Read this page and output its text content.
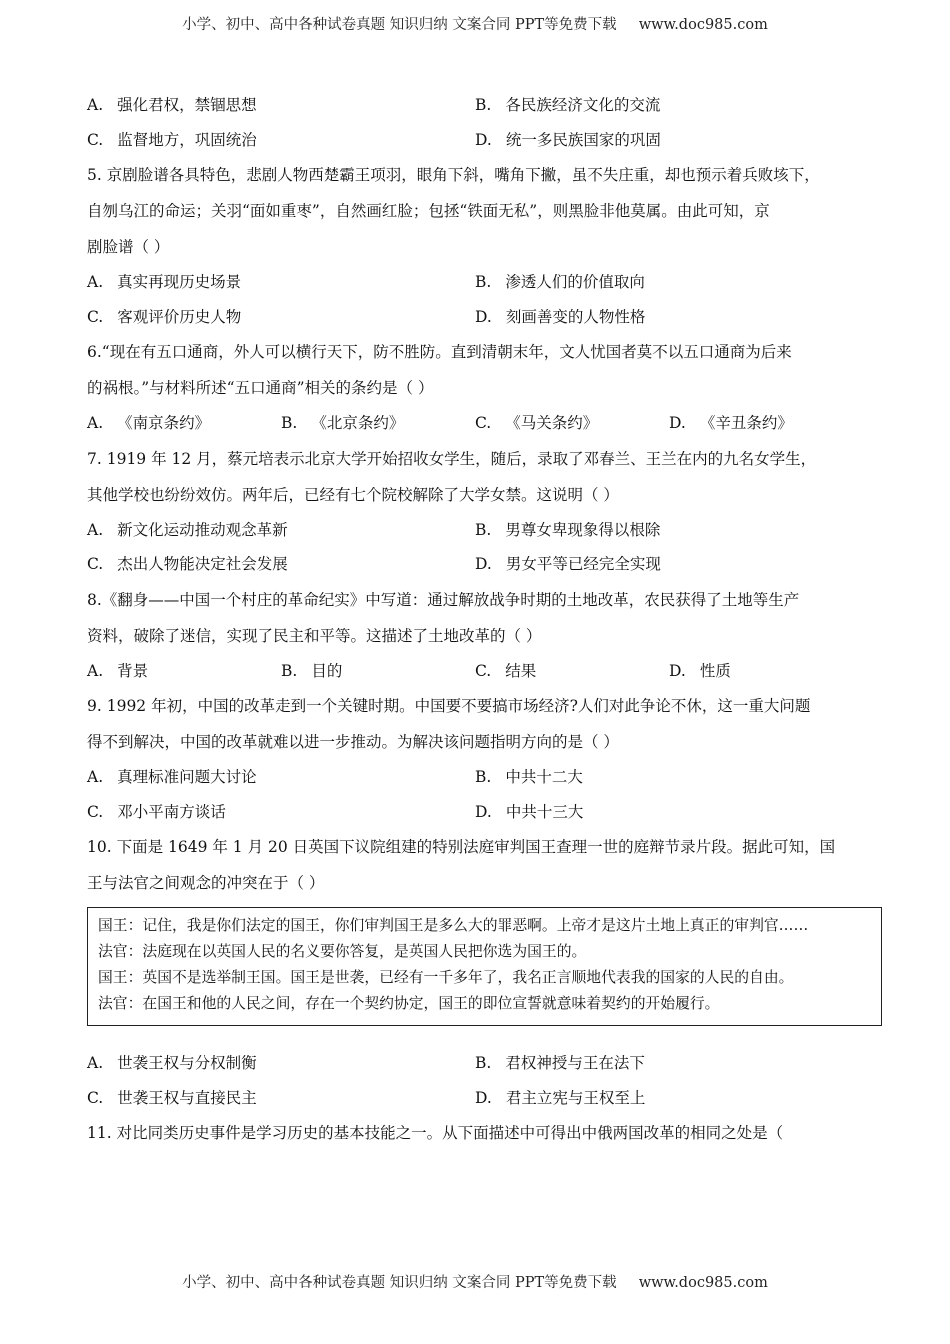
小学、初中、高中各种试卷真题 知识归纳 文案合同 PPT等免费下载 www.doc985.com
A. 强化君权，禁锢思想	B. 各民族经济文化的交流
C. 监督地方，巩固统治	D. 统一多民族国家的巩固

5. 京剧脸谱各具特色，悲剧人物西楚霸王项羽，眼角下斜，嘴角下撇，虽不失庄重，却也预示着兵败垓下，

自刎乌江的命运；关羽“面如重枣”，自然画红脸；包拯“铁面无私”，则黑脸非他莫属。由此可知，京

剧脸谱（ ）

A. 真实再现历史场景	B. 渗透人们的价值取向
C. 客观评价历史人物	D. 刻画善变的人物性格

6.“现在有五口通商，外人可以横行天下，防不胜防。直到清朝末年，文人忧国者莫不以五口通商为后来

的祸根。”与材料所述“五口通商”相关的条约是（ ）

A. 《南京条约》	B. 《北京条约》	C. 《马关条约》	D. 《辛丑条约》

7. 1919 年 12 月，蔡元培表示北京大学开始招收女学生，随后，录取了邓春兰、王兰在内的九名女学生，

其他学校也纷纷效仿。两年后，已经有七个院校解除了大学女禁。这说明（ ）

A. 新文化运动推动观念革新	B. 男尊女卑现象得以根除
C. 杰出人物能决定社会发展	D. 男女平等已经完全实现

8.《翻身——中国一个村庄的革命纪实》中写道：通过解放战争时期的土地改革，农民获得了土地等生产

资料，破除了迷信，实现了民主和平等。这描述了土地改革的（ ）

A. 背景	B. 目的	C. 结果	D. 性质

9. 1992 年初，中国的改革走到一个关键时期。中国要不要搞市场经济?人们对此争论不休，这一重大问题

得不到解决，中国的改革就难以进一步推动。为解决该问题指明方向的是（ ）

A. 真理标准问题大讨论	B. 中共十二大
C. 邓小平南方谈话	D. 中共十三大

10. 下面是 1649 年 1 月 20 日英国下议院组建的特别法庭审判国王查理一世的庭辩节录片段。据此可知，国

王与法官之间观念的冲突在于（ ）

国王：记住，我是你们法定的国王，你们审判国王是多么大的罪恶啊。上帝才是这片土地上真正的审判官……

法官：法庭现在以英国人民的名义要你答复，是英国人民把你选为国王的。

国王：英国不是选举制王国。国王是世袭，已经有一千多年了，我名正言顺地代表我的国家的人民的自由。

法官：在国王和他的人民之间，存在一个契约协定，国王的即位宣誓就意味着契约的开始履行。

A. 世袭王权与分权制衡	B. 君权神授与王在法下
C. 世袭王权与直接民主	D. 君主立宪与王权至上

11. 对比同类历史事件是学习历史的基本技能之一。从下面描述中可得出中俄两国改革的相同之处是（

小学、初中、高中各种试卷真题 知识归纳 文案合同 PPT等免费下载 www.doc985.com
